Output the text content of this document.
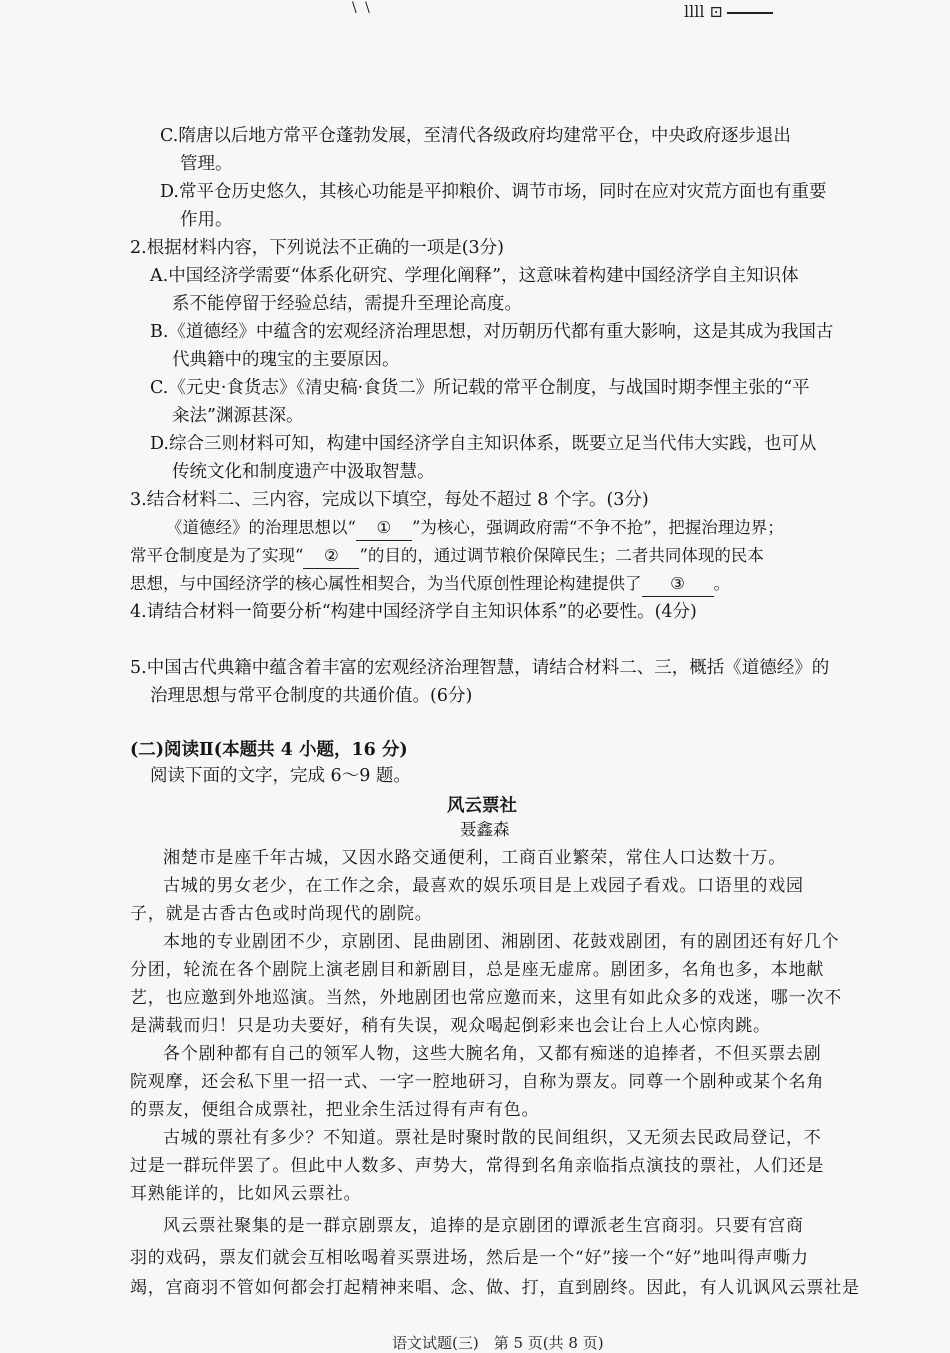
\ \	llll ⊡
C.隋唐以后地方常平仓蓬勃发展，至清代各级政府均建常平仓，中央政府逐步退出
管理。
D.常平仓历史悠久，其核心功能是平抑粮价、调节市场，同时在应对灾荒方面也有重要
作用。
2.根据材料内容，下列说法不正确的一项是(3分)
A.中国经济学需要“体系化研究、学理化阐释”，这意味着构建中国经济学自主知识体
系不能停留于经验总结，需提升至理论高度。
B.《道德经》中蕴含的宏观经济治理思想，对历朝历代都有重大影响，这是其成为我国古
代典籍中的瑰宝的主要原因。
C.《元史·食货志》《清史稿·食货二》所记载的常平仓制度，与战国时期李悝主张的“平
籴法”渊源甚深。
D.综合三则材料可知，构建中国经济学自主知识体系，既要立足当代伟大实践，也可从
传统文化和制度遗产中汲取智慧。
3.结合材料二、三内容，完成以下填空，每处不超过 8 个字。(3分)
《道德经》的治理思想以“ ① ”为核心，强调政府需“不争不抢”，把握治理边界；
常平仓制度是为了实现“ ② ”的目的，通过调节粮价保障民生；二者共同体现的民本
思想，与中国经济学的核心属性相契合，为当代原创性理论构建提供了 ③ 。
4.请结合材料一简要分析“构建中国经济学自主知识体系”的必要性。(4分)
5.中国古代典籍中蕴含着丰富的宏观经济治理智慧，请结合材料二、三，概括《道德经》的
治理思想与常平仓制度的共通价值。(6分)
(二)阅读Ⅱ(本题共 4 小题，16 分)
阅读下面的文字，完成 6～9 题。
风云票社
聂鑫森
湘楚市是座千年古城，又因水路交通便利，工商百业繁荣，常住人口达数十万。
古城的男女老少，在工作之余，最喜欢的娱乐项目是上戏园子看戏。口语里的戏园
子，就是古香古色或时尚现代的剧院。
本地的专业剧团不少，京剧团、昆曲剧团、湘剧团、花鼓戏剧团，有的剧团还有好几个
分团，轮流在各个剧院上演老剧目和新剧目，总是座无虚席。剧团多，名角也多，本地献
艺，也应邀到外地巡演。当然，外地剧团也常应邀而来，这里有如此众多的戏迷，哪一次不
是满载而归！只是功夫要好，稍有失误，观众喝起倒彩来也会让台上人心惊肉跳。
各个剧种都有自己的领军人物，这些大腕名角，又都有痴迷的追捧者，不但买票去剧
院观摩，还会私下里一招一式、一字一腔地研习，自称为票友。同尊一个剧种或某个名角
的票友，便组合成票社，把业余生活过得有声有色。
古城的票社有多少？不知道。票社是时聚时散的民间组织，又无须去民政局登记，不
过是一群玩伴罢了。但此中人数多、声势大，常得到名角亲临指点演技的票社，人们还是
耳熟能详的，比如风云票社。
风云票社聚集的是一群京剧票友，追捧的是京剧团的谭派老生宫商羽。只要有宫商
羽的戏码，票友们就会互相吆喝着买票进场，然后是一个“好”接一个“好”地叫得声嘶力
竭，宫商羽不管如何都会打起精神来唱、念、做、打，直到剧终。因此，有人讥讽风云票社是
语文试题(三)　第 5 页(共 8 页)
